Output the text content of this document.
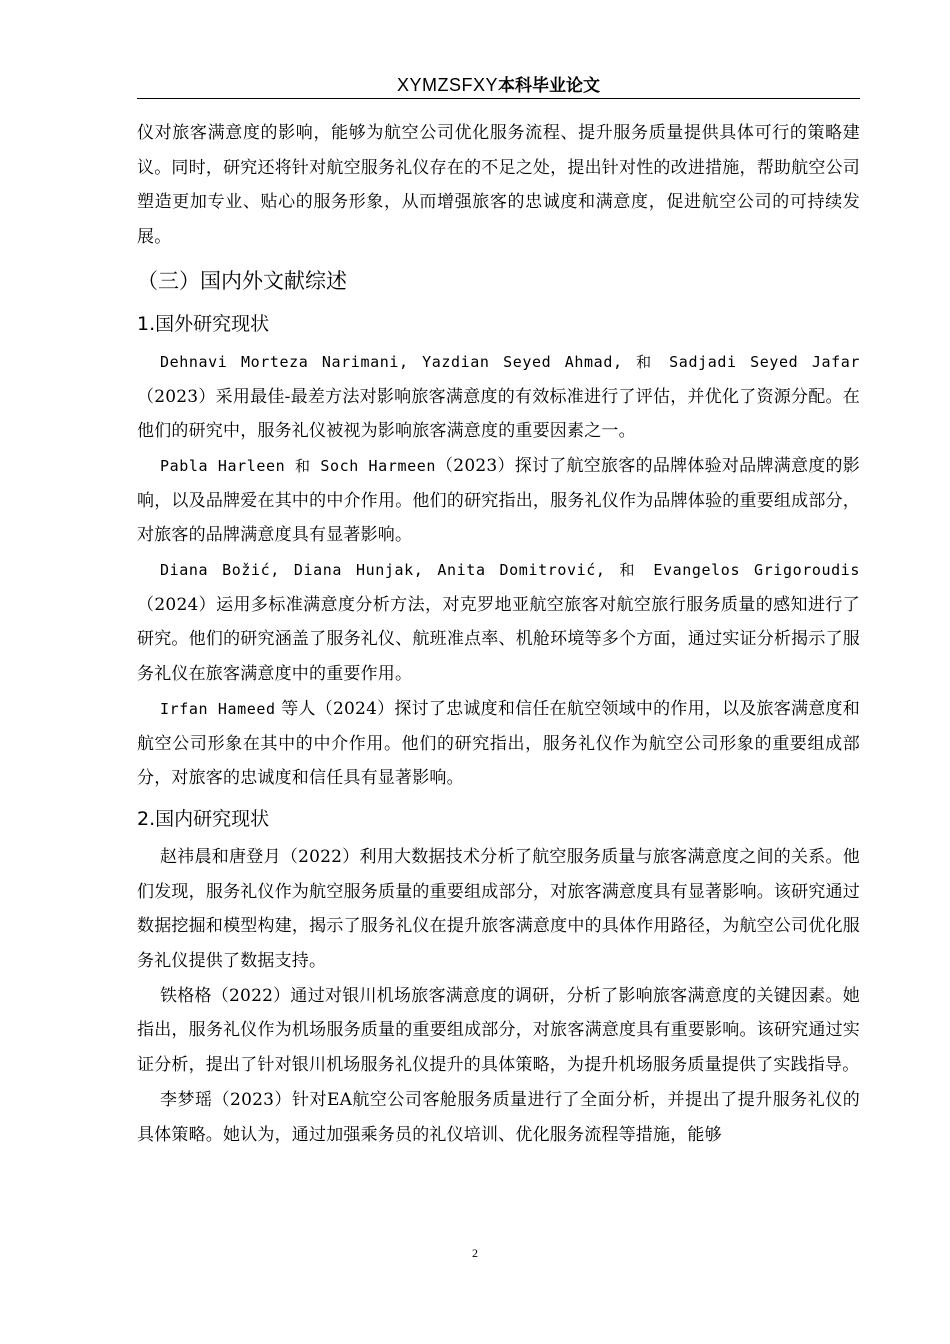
XYMZSFXY本科毕业论文

仪对旅客满意度的影响，能够为航空公司优化服务流程、提升服务质量提供具体可行的策略建议。同时，研究还将针对航空服务礼仪存在的不足之处，提出针对性的改进措施，帮助航空公司塑造更加专业、贴心的服务形象，从而增强旅客的忠诚度和满意度，促进航空公司的可持续发展。

（三）国内外文献综述
1.国外研究现状

Dehnavi Morteza Narimani, Yazdian Seyed Ahmad, 和 Sadjadi Seyed Jafar（2023）采用最佳-最差方法对影响旅客满意度的有效标准进行了评估，并优化了资源分配。在他们的研究中，服务礼仪被视为影响旅客满意度的重要因素之一。

Pabla Harleen 和 Soch Harmeen（2023）探讨了航空旅客的品牌体验对品牌满意度的影响，以及品牌爱在其中的中介作用。他们的研究指出，服务礼仪作为品牌体验的重要组成部分，对旅客的品牌满意度具有显著影响。

Diana Božić, Diana Hunjak, Anita Domitrović, 和 Evangelos Grigoroudis（2024）运用多标准满意度分析方法，对克罗地亚航空旅客对航空旅行服务质量的感知进行了研究。他们的研究涵盖了服务礼仪、航班准点率、机舱环境等多个方面，通过实证分析揭示了服务礼仪在旅客满意度中的重要作用。

Irfan Hameed 等人（2024）探讨了忠诚度和信任在航空领域中的作用，以及旅客满意度和航空公司形象在其中的中介作用。他们的研究指出，服务礼仪作为航空公司形象的重要组成部分，对旅客的忠诚度和信任具有显著影响。

2.国内研究现状

赵祎晨和唐登月（2022）利用大数据技术分析了航空服务质量与旅客满意度之间的关系。他们发现，服务礼仪作为航空服务质量的重要组成部分，对旅客满意度具有显著影响。该研究通过数据挖掘和模型构建，揭示了服务礼仪在提升旅客满意度中的具体作用路径，为航空公司优化服务礼仪提供了数据支持。

铁格格（2022）通过对银川机场旅客满意度的调研，分析了影响旅客满意度的关键因素。她指出，服务礼仪作为机场服务质量的重要组成部分，对旅客满意度具有重要影响。该研究通过实证分析，提出了针对银川机场服务礼仪提升的具体策略，为提升机场服务质量提供了实践指导。

李梦瑶（2023）针对EA航空公司客舱服务质量进行了全面分析，并提出了提升服务礼仪的具体策略。她认为，通过加强乘务员的礼仪培训、优化服务流程等措施，能够

2
